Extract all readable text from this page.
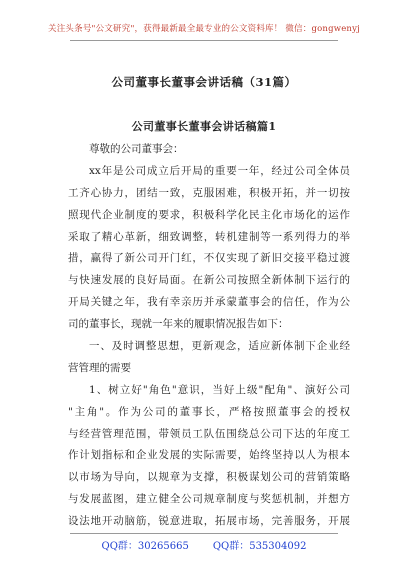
关注头条号"公文研究"，获得最新最全最专业的公文资料库！ 微信：gongwenyj
公司董事长董事会讲话稿（31篇）
公司董事长董事会讲话稿篇1
尊敬的公司董事会：
xx年是公司成立后开局的重要一年，经过公司全体员
工齐心协力，团结一致，克服困难，积极开拓，并一切按
照现代企业制度的要求，积极科学化民主化市场化的运作
采取了精心革新，细致调整，转机建制等一系列得力的举
措，赢得了新公司开门红，不仅实现了新旧交接平稳过渡
与快速发展的良好局面。在新公司按照全新体制下运行的
开局关键之年，我有幸亲历并承蒙董事会的信任，作为公
司的董事长，现就一年来的履职情况报告如下：
一、及时调整思想，更新观念，适应新体制下企业经
营管理的需要
1、树立好"角色"意识，当好上级"配角"、演好公司
"主角"。作为公司的董事长，严格按照董事会的授权
与经营管理范围，带领员工队伍围绕总公司下达的年度工
作计划指标和企业发展的实际需要，始终坚持以人为根本
以市场为导向，以规章为支撑，积极谋划公司的营销策略
与发展蓝图，建立健全公司规章制度与奖惩机制，并想方
设法地开动脑筋，锐意进取，拓展市场，完善服务，开展
QQ群：30265665 QQ群：535304092
